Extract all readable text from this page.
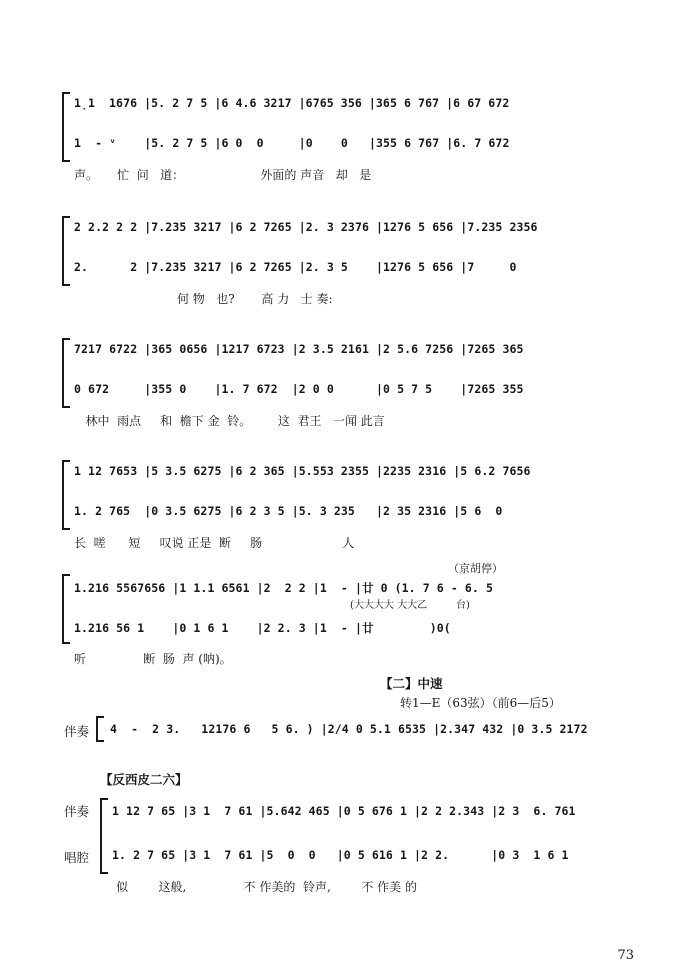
1̣1  1676 |5. 2 7 5 |6 4.6 3217 |6765 356 |365 6 767 |6 67 672
1  - ᵛ    |5. 2 7 5 |6 0  0     |0    0   |355 6 767 |6. 7 672
声。     忙  问   道：                    外面的 声音   却   是
2 2.2 2 2 |7.235 3217 |6 2 7265 |2. 3 2376 |1276 5 656 |7.235 2356
2.      2 |7.235 3217 |6 2 7265 |2. 3 5    |1276 5 656 |7     0
何 物   也?       高 力   士 奏:
7217 6722 |365 0656 |1217 6723 |2 3.5 2161 |2 5.6 7256 |7265 365
0 672     |355 0    |1. 7 672  |2 0 0      |0 5 7 5    |7265 355
林中  雨点     和  檐下 金  铃。       这  君王   一闻 此言
1 12 7653 |5 3.5 6275 |6 2 365 |5.553 2355 |2235 2316 |5 6.2 7656
1. 2 765  |0 3.5 6275 |6 2 3 5 |5. 3 235   |2 35 2316 |5 6  0
长  嗟      短     叹说 正是  断     肠                     人
（京胡停）
1.216 5567656 |1 1.1 6561 |2  2 2 |1  - |廿 0 (1. 7 6 - 6. 5
(大大大大 大大乙	台)
1.216 56 1    |0 1 6 1    |2 2. 3 |1  - |廿        )0(
听               断  肠  声 (呐)。
【二】中速
转1—E（63弦）（前6—后5）
伴奏 4  -  2 3.   12176 6   5 6. ) |2/4 0 5.1 6535 |2.347 432 |0 3.5 2172
【反西皮二六】
伴奏
唱腔
1 12 7 65 |3 1  7 61 |5.642 465 |0 5 676 1 |2 2 2.343 |2 3  6. 761
1. 2 7 65 |3 1  7 61 |5  0  0   |0 5 616 1 |2 2.      |0 3  1 6 1
似        这般,               不 作美的  铃声,        不 作美 的
73
